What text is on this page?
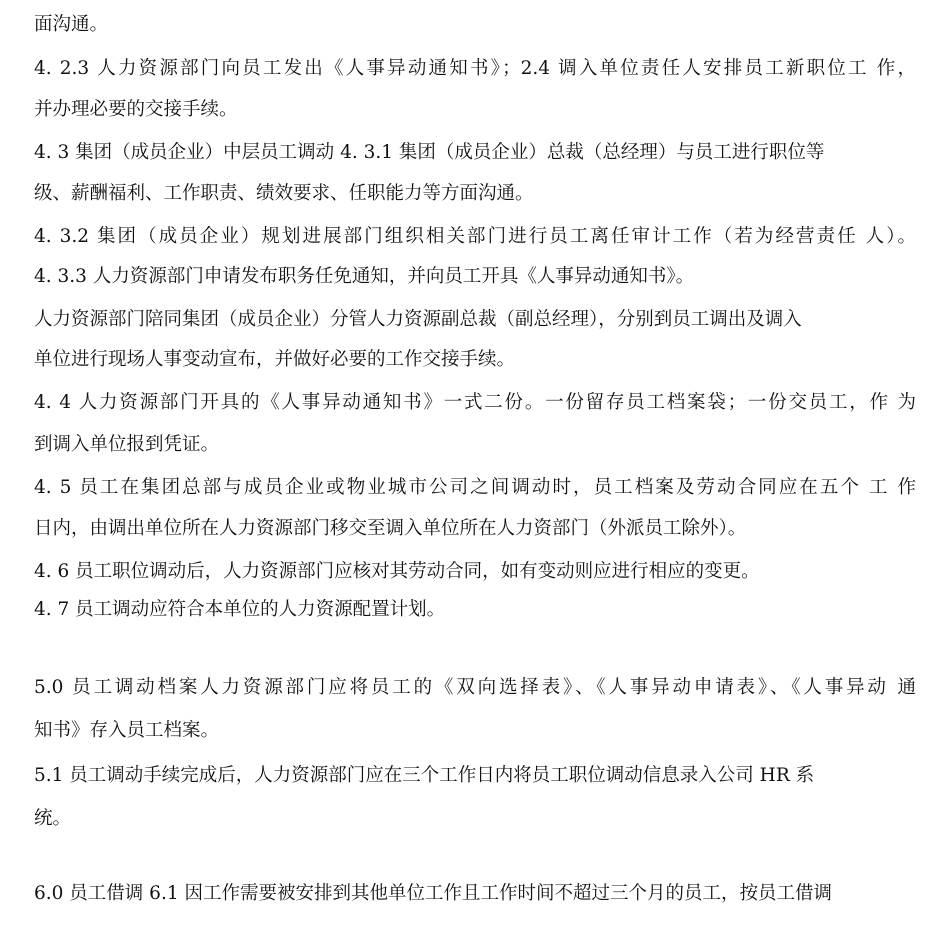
面沟通。
4. 2.3 人力资源部门向员工发出《人事异动通知书》；2.4 调入单位责任人安排员工新职位工 作，
并办理必要的交接手续。
4. 3 集团（成员企业）中层员工调动 4. 3.1 集团（成员企业）总裁（总经理）与员工进行职位等
级、薪酬福利、工作职责、绩效要求、任职能力等方面沟通。
4. 3.2 集团（成员企业）规划进展部门组织相关部门进行员工离任审计工作（若为经营责任 人）。
4. 3.3 人力资源部门申请发布职务任免通知，并向员工开具《人事异动通知书》。
人力资源部门陪同集团（成员企业）分管人力资源副总裁（副总经理），分别到员工调出及调入
单位进行现场人事变动宣布，并做好必要的工作交接手续。
4. 4 人力资源部门开具的《人事异动通知书》一式二份。一份留存员工档案袋；一份交员工，作 为
到调入单位报到凭证。
4. 5 员工在集团总部与成员企业或物业城市公司之间调动时，员工档案及劳动合同应在五个 工 作
日内，由调出单位所在人力资源部门移交至调入单位所在人力资部门（外派员工除外）。
4. 6 员工职位调动后，人力资源部门应核对其劳动合同，如有变动则应进行相应的变更。
4. 7 员工调动应符合本单位的人力资源配置计划。
5.0 员工调动档案人力资源部门应将员工的《双向选择表》、《人事异动申请表》、《人事异动 通
知书》存入员工档案。
5.1 员工调动手续完成后，人力资源部门应在三个工作日内将员工职位调动信息录入公司 HR 系
统。
6.0 员工借调 6.1 因工作需要被安排到其他单位工作且工作时间不超过三个月的员工，按员工借调
